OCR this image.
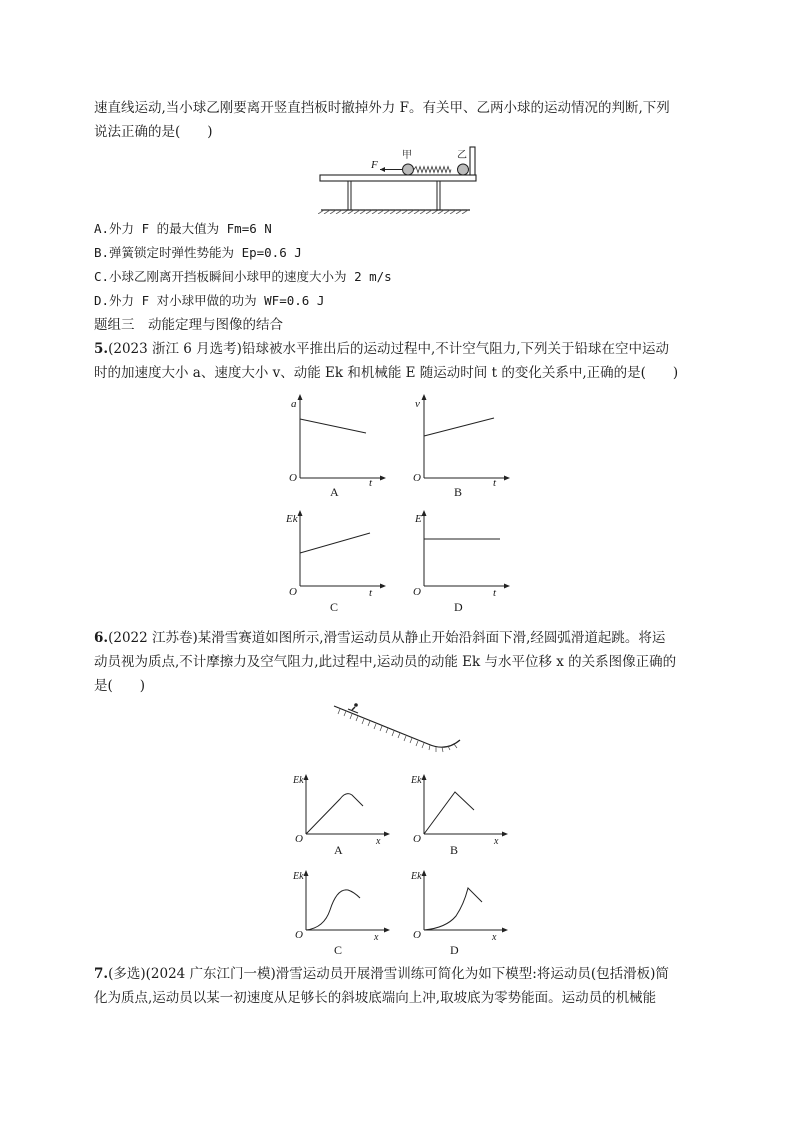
速直线运动,当小球乙刚要离开竖直挡板时撤掉外力 F。有关甲、乙两小球的运动情况的判断,下列
说法正确的是(　　)
F
甲	乙
A.外力 F 的最大值为 Fm=6 N
B.弹簧锁定时弹性势能为 Ep=0.6 J
C.小球乙刚离开挡板瞬间小球甲的速度大小为 2 m/s
D.外力 F 对小球甲做的功为 WF=0.6 J
题组三　动能定理与图像的结合
5.(2023 浙江 6 月选考)铅球被水平推出后的运动过程中,不计空气阻力,下列关于铅球在空中运动
时的加速度大小 a、速度大小 v、动能 Ek 和机械能 E 随运动时间 t 的变化关系中,正确的是(　　)
a
t
O
A
v
t
O
B
Ek
t
O
C
E
t
O
D
6.(2022 江苏卷)某滑雪赛道如图所示,滑雪运动员从静止开始沿斜面下滑,经圆弧滑道起跳。将运
动员视为质点,不计摩擦力及空气阻力,此过程中,运动员的动能 Ek 与水平位移 x 的关系图像正确的
是(　　)
Ek
x
O
A
Ek
x
O
B
Ek
x
O
C
Ek
x
O
D
7.(多选)(2024 广东江门一模)滑雪运动员开展滑雪训练可简化为如下模型:将运动员(包括滑板)简
化为质点,运动员以某一初速度从足够长的斜坡底端向上冲,取坡底为零势能面。运动员的机械能
